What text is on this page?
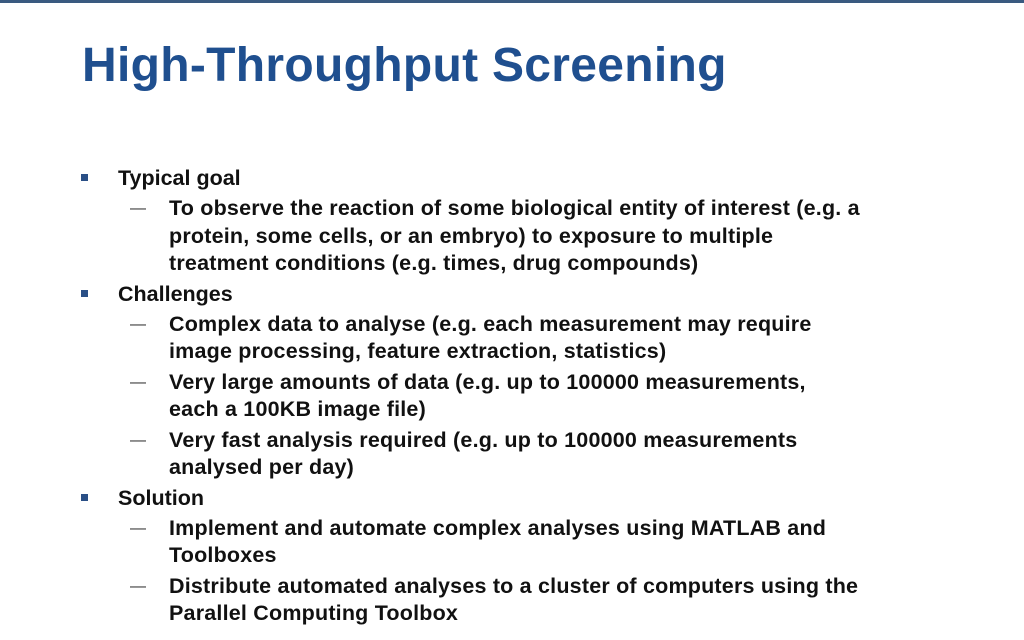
High-Throughput Screening
Typical goal
— To observe the reaction of some biological entity of interest (e.g. a
protein, some cells, or an embryo) to exposure to multiple
treatment conditions (e.g. times, drug compounds)
Challenges
— Complex data to analyse (e.g. each measurement may require
image processing, feature extraction, statistics)
— Very large amounts of data (e.g. up to 100000 measurements,
each a 100KB image file)
— Very fast analysis required (e.g. up to 100000 measurements
analysed per day)
Solution
— Implement and automate complex analyses using MATLAB and
Toolboxes
— Distribute automated analyses to a cluster of computers using the
Parallel Computing Toolbox
